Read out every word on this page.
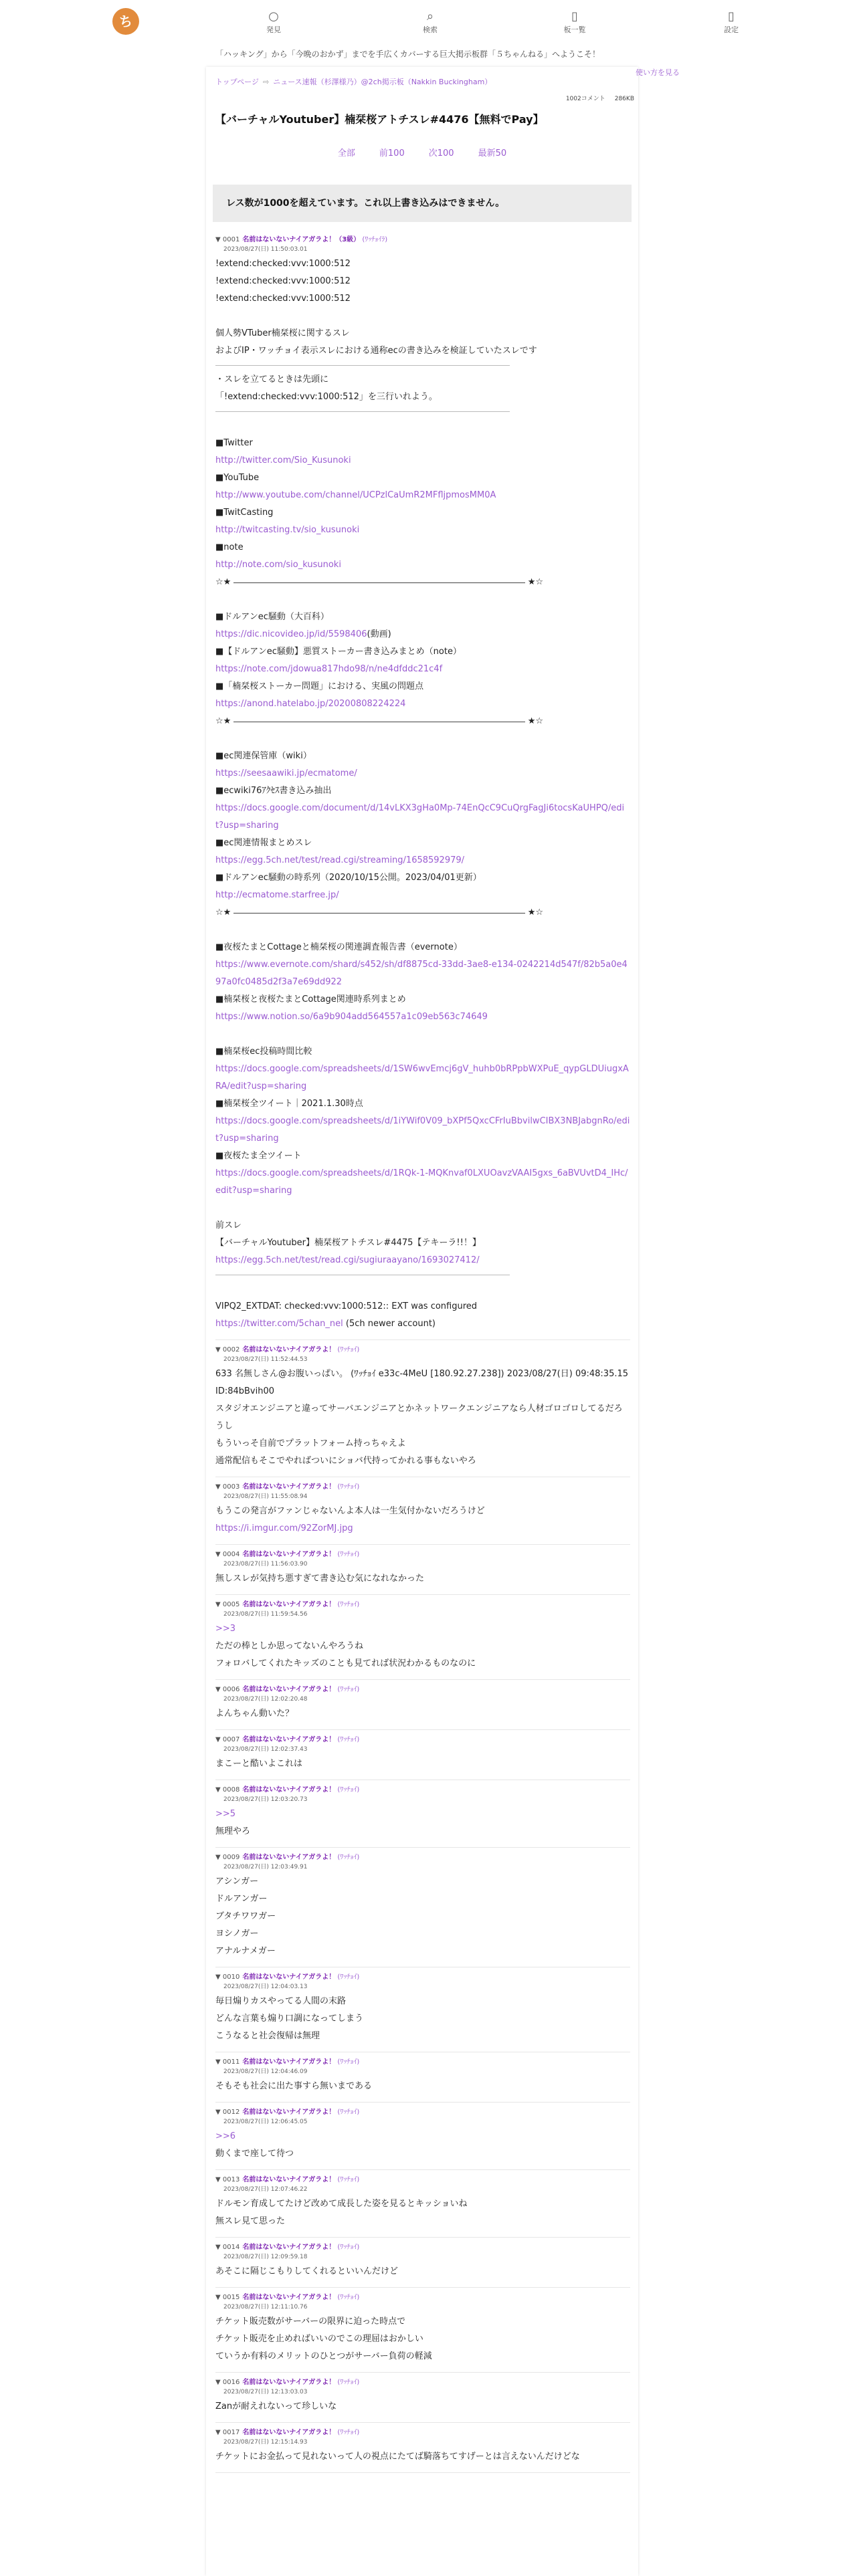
ち	○
発見
⌕
検索
▯
板一覧
▯
設定
「ハッキング」から「今晩のおかず」までを手広くカバーする巨大掲示板群「５ちゃんねる」へようこそ！
トップページ ⇨ ニュース速報（杉澤様乃）@2ch掲示板（Nakkin Buckingham）
1002コメント 286KB
【バーチャルYoutuber】楠栞桜アトチスレ#4476【無料でPay】
全部	前100	次100	最新50
レス数が1000を超えています。これ以上書き込みはできません。
▼ 0001 名前はないないナイアガラよ！（3級） (ﾜｯﾁｮｲﾗ)
2023/08/27(日) 11:50:03.01
!extend:checked:vvv:1000:512
!extend:checked:vvv:1000:512
!extend:checked:vvv:1000:512
個人勢VTuber楠栞桜に関するスレ
およびIP・ワッチョイ表示スレにおける通称ecの書き込みを検証していたスレです
・スレを立てるときは先頭に
「!extend:checked:vvv:1000:512」を三行いれよう。
■Twitter
http://twitter.com/Sio_Kusunoki
■YouTube
http://www.youtube.com/channel/UCPzlCaUmR2MFfljpmosMM0A
■TwitCasting
http://twitcasting.tv/sio_kusunoki
■note
http://note.com/sio_kusunoki
☆★	★☆
■ドルアンec騒動（大百科）
https://dic.nicovideo.jp/id/5598406(動画)
■【ドルアンec騒動】悪質ストーカー書き込みまとめ（note）
https://note.com/jdowua817hdo98/n/ne4dfddc21c4f
■「楠栞桜ストーカー問題」における、実風の問題点
https://anond.hatelabo.jp/20200808224224
☆★	★☆
■ec関連保管庫（wiki）
https://seesaawiki.jp/ecmatome/
■ecwiki76ｱｸｾｽ書き込み抽出
https://docs.google.com/document/d/14vLKX3gHa0Mp-74EnQcC9CuQrgFagJi6tocsKaUHPQ/edit?usp=sharing
■ec関連情報まとめスレ
https://egg.5ch.net/test/read.cgi/streaming/1658592979/
■ドルアンec騒動の時系列（2020/10/15公開。2023/04/01更新）
http://ecmatome.starfree.jp/
☆★	★☆
■夜桜たまとCottageと楠栞桜の関連調査報告書（evernote）
https://www.evernote.com/shard/s452/sh/df8875cd-33dd-3ae8-e134-0242214d547f/82b5a0e497a0fc0485d2f3a7e69dd922
■楠栞桜と夜桜たまとCottage関連時系列まとめ
https://www.notion.so/6a9b904add564557a1c09eb563c74649
■楠栞桜ec投稿時間比較
https://docs.google.com/spreadsheets/d/1SW6wvEmcj6gV_huhb0bRPpbWXPuE_qypGLDUiugxARA/edit?usp=sharing
■楠栞桜全ツイート｜2021.1.30時点
https://docs.google.com/spreadsheets/d/1iYWif0V09_bXPf5QxcCFrIuBbvilwCIBX3NBJabgnRo/edit?usp=sharing
■夜桜たま全ツイート
https://docs.google.com/spreadsheets/d/1RQk-1-MQKnvaf0LXUOavzVAAI5gxs_6aBVUvtD4_IHc/edit?usp=sharing
前スレ
【バーチャルYoutuber】楠栞桜アトチスレ#4475【テキーラ!!！】
https://egg.5ch.net/test/read.cgi/sugiuraayano/1693027412/
VIPQ2_EXTDAT: checked:vvv:1000:512:: EXT was configured
https://twitter.com/5chan_nel (5ch newer account)
▼ 0002 名前はないないナイアガラよ！ (ﾜｯﾁｮｲ)
2023/08/27(日) 11:52:44.53
633 名無しさん@お腹いっぱい。 (ﾜｯﾁｮｲ e33c-4MeU [180.92.27.238]) 2023/08/27(日) 09:48:35.15 ID:84bBvih00
スタジオエンジニアと違ってサーバエンジニアとかネットワークエンジニアなら人材ゴロゴロしてるだろうし
もういっそ自前でプラットフォーム持っちゃえよ
通常配信もそこでやればついにショバ代持ってかれる事もないやろ
▼ 0003 名前はないないナイアガラよ！ (ﾜｯﾁｮｲ)
2023/08/27(日) 11:55:08.94
もうこの発言がファンじゃないんよ本人は一生気付かないだろうけど
https://i.imgur.com/92ZorMJ.jpg
▼ 0004 名前はないないナイアガラよ！ (ﾜｯﾁｮｲ)
2023/08/27(日) 11:56:03.90
無しスレが気持ち悪すぎて書き込む気になれなかった
▼ 0005 名前はないないナイアガラよ！ (ﾜｯﾁｮｲ)
2023/08/27(日) 11:59:54.56
>>3
ただの棒としか思ってないんやろうね
フォロバしてくれたキッズのことも見てれば状況わかるものなのに
▼ 0006 名前はないないナイアガラよ！ (ﾜｯﾁｮｲ)
2023/08/27(日) 12:02:20.48
よんちゃん動いた？
▼ 0007 名前はないないナイアガラよ！ (ﾜｯﾁｮｲ)
2023/08/27(日) 12:02:37.43
まこーと酷いよこれは
▼ 0008 名前はないないナイアガラよ！ (ﾜｯﾁｮｲ)
2023/08/27(日) 12:03:20.73
>>5
無理やろ
▼ 0009 名前はないないナイアガラよ！ (ﾜｯﾁｮｲ)
2023/08/27(日) 12:03:49.91
アシンガー
ドルアンガー
ブタチワワガー
ヨシノガー
アナルナメガー
▼ 0010 名前はないないナイアガラよ！ (ﾜｯﾁｮｲ)
2023/08/27(日) 12:04:03.13
毎日煽りカスやってる人間の末路
どんな言葉も煽り口調になってしまう
こうなると社会復帰は無理
▼ 0011 名前はないないナイアガラよ！ (ﾜｯﾁｮｲ)
2023/08/27(日) 12:04:46.09
そもそも社会に出た事すら無いまである
▼ 0012 名前はないないナイアガラよ！ (ﾜｯﾁｮｲ)
2023/08/27(日) 12:06:45.05
>>6
動くまで座して待つ
▼ 0013 名前はないないナイアガラよ！ (ﾜｯﾁｮｲ)
2023/08/27(日) 12:07:46.22
ドルモン育成してたけど改めて成長した姿を見るとキッショいね
無スレ見て思った
▼ 0014 名前はないないナイアガラよ！ (ﾜｯﾁｮｲ)
2023/08/27(日) 12:09:59.18
あそこに隔じこもりしてくれるといいんだけど
▼ 0015 名前はないないナイアガラよ！ (ﾜｯﾁｮｲ)
2023/08/27(日) 12:11:10.76
チケット販売数がサーバーの限界に迫った時点で
チケット販売を止めればいいのでこの理屈はおかしい
ていうか有料のメリットのひとつがサーバー負荷の軽減
▼ 0016 名前はないないナイアガラよ！ (ﾜｯﾁｮｲ)
2023/08/27(日) 12:13:03.03
Zanが耐えれないって珍しいな
▼ 0017 名前はないないナイアガラよ！ (ﾜｯﾁｮｲ)
2023/08/27(日) 12:15:14.93
チケットにお金払って見れないって人の視点にたてば騎落ちてすげーとは言えないんだけどな
使い方を見る
